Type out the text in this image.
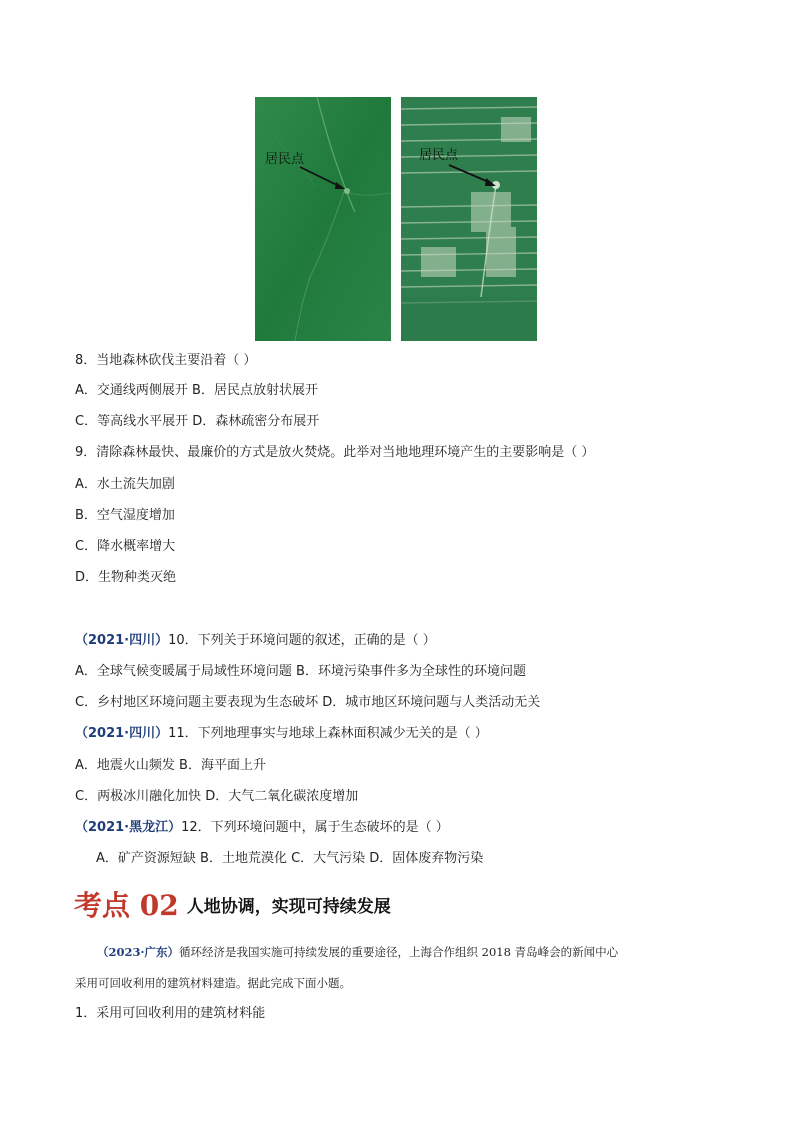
居民点	居民点
8．当地森林砍伐主要沿着（ ）
A．交通线两侧展开 B．居民点放射状展开
C．等高线水平展开 D．森林疏密分布展开
9．清除森林最快、最廉价的方式是放火焚烧。此举对当地地理环境产生的主要影响是（ ）
A．水土流失加剧
B．空气湿度增加
C．降水概率增大
D．生物种类灭绝
（2021·四川）10．下列关于环境问题的叙述，正确的是（ ）
A．全球气候变暖属于局域性环境问题 B．环境污染事件多为全球性的环境问题
C．乡村地区环境问题主要表现为生态破坏 D．城市地区环境问题与人类活动无关
（2021·四川）11．下列地理事实与地球上森林面积减少无关的是（ ）
A．地震火山频发 B．海平面上升
C．两极冰川融化加快 D．大气二氧化碳浓度增加
（2021·黑龙江）12．下列环境问题中，属于生态破坏的是（ ）
A．矿产资源短缺 B．土地荒漠化 C．大气污染 D．固体废弃物污染
考点 02 人地协调，实现可持续发展
（2023·广东）循环经济是我国实施可持续发展的重要途径，上海合作组织 2018 青岛峰会的新闻中心
采用可回收利用的建筑材料建造。据此完成下面小题。
1．采用可回收利用的建筑材料能
